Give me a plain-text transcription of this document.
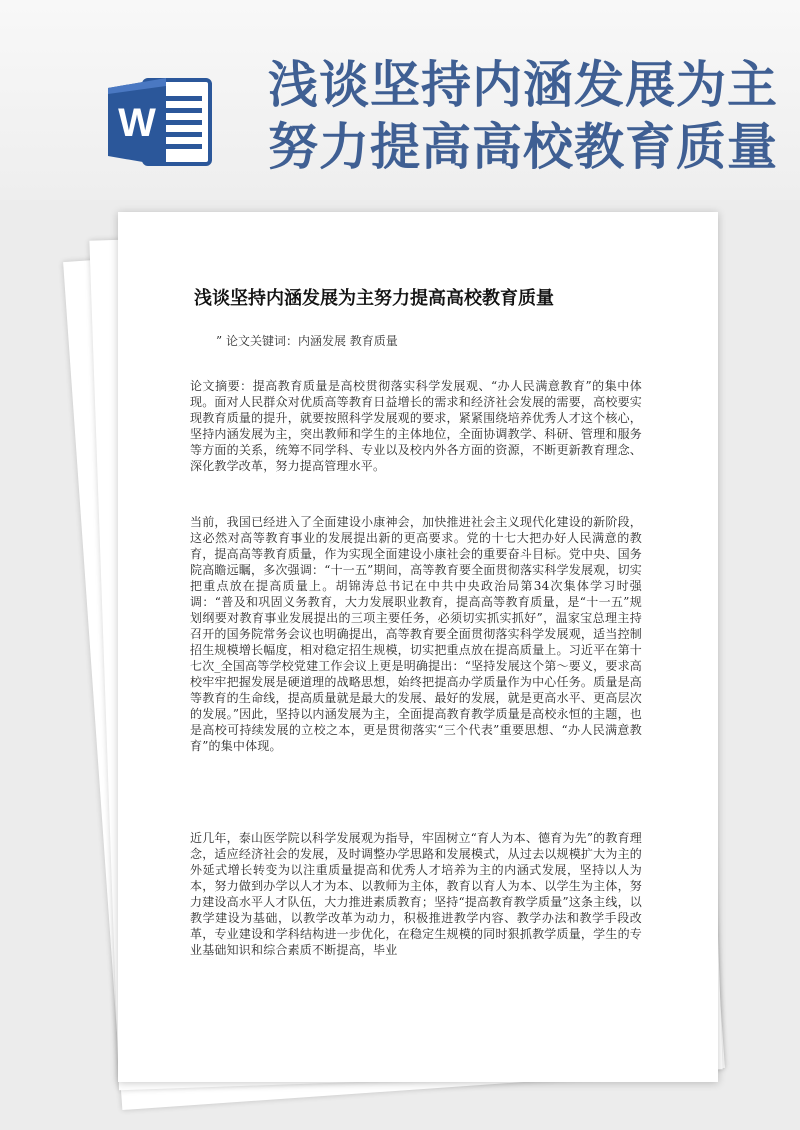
W
浅谈坚持内涵发展为主
努力提高高校教育质量
浅谈坚持内涵发展为主努力提高高校教育质量
” 论文关键词：内涵发展 教育质量
论文摘要：提高教育质量是高校贯彻落实科学发展观、“办人民满意教育”的集中体现。面对人民群众对优质高等教育日益增长的需求和经济社会发展的需要，高校要实现教育质量的提升，就要按照科学发展观的要求，紧紧围绕培养优秀人才这个核心，坚持内涵发展为主，突出教师和学生的主体地位，全面协调教学、科研、管理和服务等方面的关系，统筹不同学科、专业以及校内外各方面的资源，不断更新教育理念、深化教学改革，努力提高管理水平。
当前，我国已经进入了全面建设小康神会，加快推进社会主义现代化建设的新阶段，这必然对高等教育事业的发展提出新的更高要求。党的十七大把办好人民满意的教育，提高高等教育质量，作为实现全面建设小康社会的重要奋斗目标。党中央、国务院高瞻远瞩，多次强调：“十一五”期间，高等教育要全面贯彻落实科学发展观，切实把重点放在提高质量上。胡锦涛总书记在中共中央政治局第34次集体学习时强调：“普及和巩固义务教育，大力发展职业教育，提高高等教育质量，是“十一五”规划纲要对教育事业发展提出的三项主要任务，必须切实抓实抓好”，温家宝总理主持召开的国务院常务会议也明确提出，高等教育要全面贯彻落实科学发展观，适当控制招生规模增长幅度，相对稳定招生规模，切实把重点放在提高质量上。习近平在第十七次_全国高等学校党建工作会议上更是明确提出：“坚持发展这个第～要义，要求高校牢牢把握发展是硬道理的战略思想，始终把提高办学质量作为中心任务。质量是高等教育的生命线，提高质量就是最大的发展、最好的发展，就是更高水平、更高层次的发展。”因此，坚持以内涵发展为主，全面提高教育教学质量是高校永恒的主题，也是高校可持续发展的立校之本，更是贯彻落实“三个代表”重要思想、“办人民满意教育”的集中体现。
近几年，泰山医学院以科学发展观为指导，牢固树立“育人为本、德育为先”的教育理念，适应经济社会的发展，及时调整办学思路和发展模式，从过去以规模扩大为主的外延式增长转变为以注重质量提高和优秀人才培养为主的内涵式发展，坚持以人为本，努力做到办学以人才为本、以教师为主体，教育以育人为本、以学生为主体，努力建设高水平人才队伍，大力推进素质教育；坚持“提高教育教学质量”这条主线，以教学建设为基础，以教学改革为动力，积极推进教学内容、教学办法和教学手段改革，专业建设和学科结构进一步优化，在稳定生规模的同时狠抓教学质量，学生的专业基础知识和综合素质不断提高，毕业
